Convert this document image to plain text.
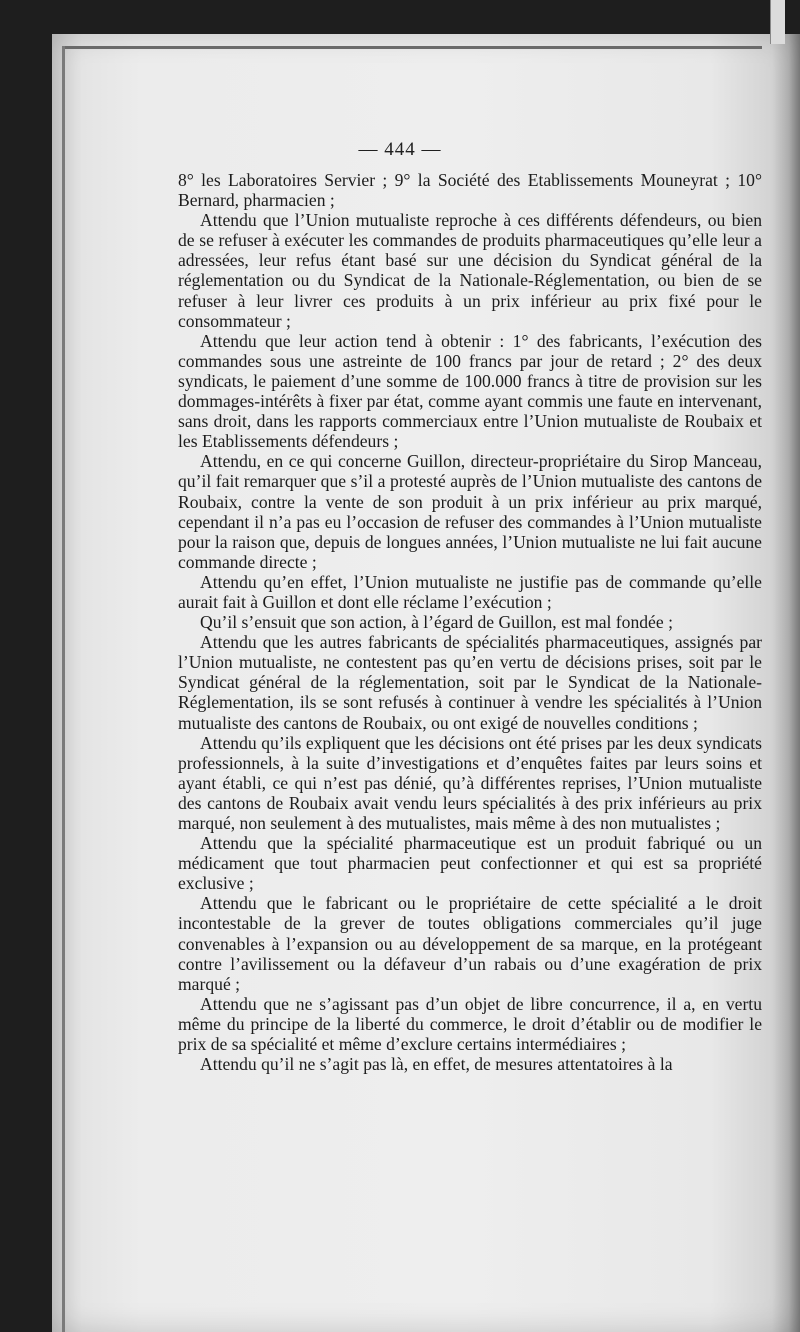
— 444 —

8° les Laboratoires Servier ; 9° la Société des Etablissements Mouneyrat ; 10° Bernard, pharmacien ;

Attendu que l’Union mutualiste reproche à ces différents défendeurs, ou bien de se refuser à exécuter les commandes de produits pharmaceutiques qu’elle leur a adressées, leur refus étant basé sur une décision du Syndicat général de la réglementation ou du Syndicat de la Nationale-Réglementation, ou bien de se refuser à leur livrer ces produits à un prix inférieur au prix fixé pour le consommateur ;

Attendu que leur action tend à obtenir : 1° des fabricants, l’exécution des commandes sous une astreinte de 100 francs par jour de retard ; 2° des deux syndicats, le paiement d’une somme de 100.000 francs à titre de provision sur les dommages-intérêts à fixer par état, comme ayant commis une faute en intervenant, sans droit, dans les rapports commerciaux entre l’Union mutualiste de Roubaix et les Etablissements défendeurs ;

Attendu, en ce qui concerne Guillon, directeur-propriétaire du Sirop Manceau, qu’il fait remarquer que s’il a protesté auprès de l’Union mutualiste des cantons de Roubaix, contre la vente de son produit à un prix inférieur au prix marqué, cependant il n’a pas eu l’occasion de refuser des commandes à l’Union mutualiste pour la raison que, depuis de longues années, l’Union mutualiste ne lui fait aucune commande directe ;

Attendu qu’en effet, l’Union mutualiste ne justifie pas de commande qu’elle aurait fait à Guillon et dont elle réclame l’exécution ;

Qu’il s’ensuit que son action, à l’égard de Guillon, est mal fondée ;

Attendu que les autres fabricants de spécialités pharmaceutiques, assignés par l’Union mutualiste, ne contestent pas qu’en vertu de décisions prises, soit par le Syndicat général de la réglementation, soit par le Syndicat de la Nationale-Réglementation, ils se sont refusés à continuer à vendre les spécialités à l’Union mutualiste des cantons de Roubaix, ou ont exigé de nouvelles conditions ;

Attendu qu’ils expliquent que les décisions ont été prises par les deux syndicats professionnels, à la suite d’investigations et d’enquêtes faites par leurs soins et ayant établi, ce qui n’est pas dénié, qu’à différentes reprises, l’Union mutualiste des cantons de Roubaix avait vendu leurs spécialités à des prix inférieurs au prix marqué, non seulement à des mutualistes, mais même à des non mutualistes ;

Attendu que la spécialité pharmaceutique est un produit fabriqué ou un médicament que tout pharmacien peut confectionner et qui est sa propriété exclusive ;

Attendu que le fabricant ou le propriétaire de cette spécialité a le droit incontestable de la grever de toutes obligations commerciales qu’il juge convenables à l’expansion ou au développement de sa marque, en la protégeant contre l’avilissement ou la défaveur d’un rabais ou d’une exagération de prix marqué ;

Attendu que ne s’agissant pas d’un objet de libre concurrence, il a, en vertu même du principe de la liberté du commerce, le droit d’établir ou de modifier le prix de sa spécialité et même d’exclure certains intermédiaires ;

Attendu qu’il ne s’agit pas là, en effet, de mesures attentatoires à la
